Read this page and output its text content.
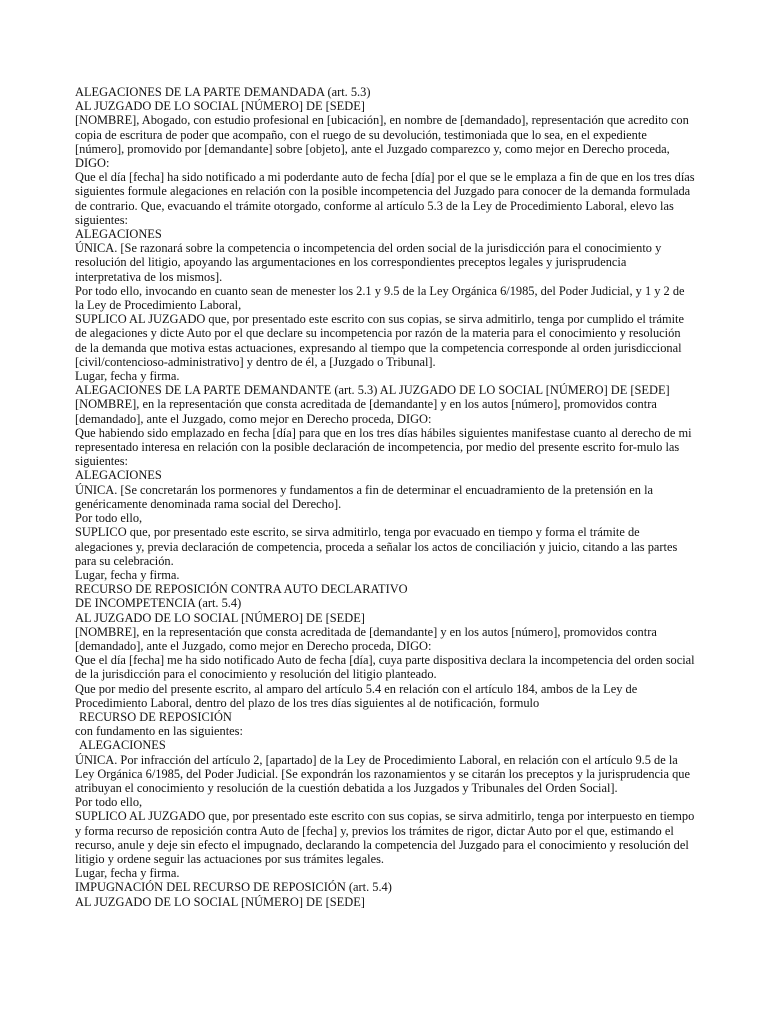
ALEGACIONES DE LA PARTE DEMANDADA (art. 5.3)

AL JUZGADO DE LO SOCIAL [NÚMERO] DE [SEDE]

[NOMBRE], Abogado, con estudio profesional en [ubicación], en nombre de [demandado], representación que acredito con copia de escritura de poder que acompaño, con el ruego de su devolución, testimoniada que lo sea, en el expediente [número], promovido por [demandante] sobre [objeto], ante el Juzgado comparezco y, como mejor en Derecho proceda, DIGO:

Que el día [fecha] ha sido notificado a mi poderdante auto de fecha [día] por el que se le emplaza a fin de que en los tres días siguientes formule alegaciones en relación con la posible incompetencia del Juzgado para conocer de la demanda formulada de contrario. Que, evacuando el trámite otorgado, conforme al artículo 5.3 de la Ley de Procedimiento Laboral, elevo las siguientes:

ALEGACIONES

ÚNICA. [Se razonará sobre la competencia o incompetencia del orden social de la jurisdicción para el conocimiento y resolución del litigio, apoyando las argumentaciones en los correspondientes preceptos legales y jurisprudencia interpretativa de los mismos].

Por todo ello, invocando en cuanto sean de menester los 2.1 y 9.5 de la Ley Orgánica 6/1985, del Poder Judicial, y 1 y 2 de la Ley de Procedimiento Laboral,

SUPLICO AL JUZGADO que, por presentado este escrito con sus copias, se sirva admitirlo, tenga por cumplido el trámite de alegaciones y dicte Auto por el que declare su incompetencia por razón de la materia para el conocimiento y resolución de la demanda que motiva estas actuaciones, expresando al tiempo que la competencia corresponde al orden jurisdiccional [civil/contencioso-administrativo] y dentro de él, a [Juzgado o Tribunal].

Lugar, fecha y firma.

ALEGACIONES DE LA PARTE DEMANDANTE (art. 5.3) AL JUZGADO DE LO SOCIAL [NÚMERO] DE [SEDE]

[NOMBRE], en la representación que consta acreditada de [demandante] y en los autos [número], promovidos contra [demandado], ante el Juzgado, como mejor en Derecho proceda, DIGO:

Que habiendo sido emplazado en fecha [día] para que en los tres días hábiles siguientes manifestase cuanto al derecho de mi representado interesa en relación con la posible declaración de incompetencia, por medio del presente escrito for-mulo las siguientes:

ALEGACIONES

ÚNICA. [Se concretarán los pormenores y fundamentos a fin de determinar el encuadramiento de la pretensión en la genéricamente denominada rama social del Derecho].

Por todo ello,

SUPLICO que, por presentado este escrito, se sirva admitirlo, tenga por evacuado en tiempo y forma el trámite de alegaciones y, previa declaración de competencia, proceda a señalar los actos de conciliación y juicio, citando a las partes para su celebración.

Lugar, fecha y firma.

RECURSO DE REPOSICIÓN CONTRA AUTO DECLARATIVO

DE INCOMPETENCIA (art. 5.4)

AL JUZGADO DE LO SOCIAL [NÚMERO] DE [SEDE]

[NOMBRE], en la representación que consta acreditada de [demandante] y en los autos [número], promovidos contra [demandado], ante el Juzgado, como mejor en Derecho proceda, DIGO:

Que el día [fecha] me ha sido notificado Auto de fecha [día], cuya parte dispositiva declara la incompetencia del orden social de la jurisdicción para el conocimiento y resolución del litigio planteado.

Que por medio del presente escrito, al amparo del artículo 5.4 en relación con el artículo 184, ambos de la Ley de Procedimiento Laboral, dentro del plazo de los tres días siguientes al de notificación, formulo

RECURSO DE REPOSICIÓN

con fundamento en las siguientes:

ALEGACIONES

ÚNICA. Por infracción del artículo 2, [apartado] de la Ley de Procedimiento Laboral, en relación con el artículo 9.5 de la Ley Orgánica 6/1985, del Poder Judicial. [Se expondrán los razonamientos y se citarán los preceptos y la jurisprudencia que atribuyan el conocimiento y resolución de la cuestión debatida a los Juzgados y Tribunales del Orden Social].

Por todo ello,

SUPLICO AL JUZGADO que, por presentado este escrito con sus copias, se sirva admitirlo, tenga por interpuesto en tiempo y forma recurso de reposición contra Auto de [fecha] y, previos los trámites de rigor, dictar Auto por el que, estimando el recurso, anule y deje sin efecto el impugnado, declarando la competencia del Juzgado para el conocimiento y resolución del litigio y ordene seguir las actuaciones por sus trámites legales.

Lugar, fecha y firma.

IMPUGNACIÓN DEL RECURSO DE REPOSICIÓN (art. 5.4)

AL JUZGADO DE LO SOCIAL [NÚMERO] DE [SEDE]
